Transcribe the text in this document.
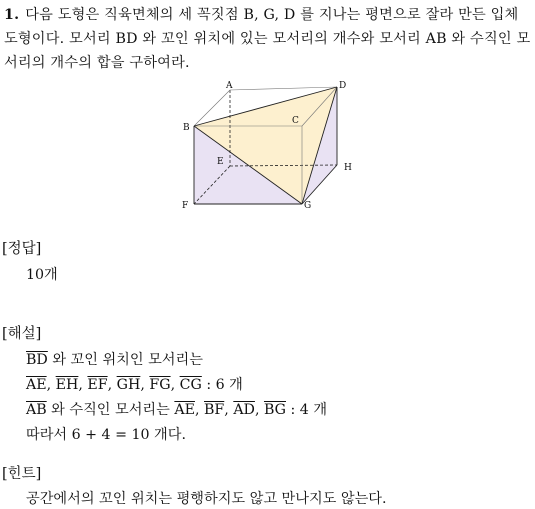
1. 다음 도형은 직육면체의 세 꼭짓점 B, G, D 를 지나는 평면으로 잘라 만든 입체도형이다. 모서리 BD 와 꼬인 위치에 있는 모서리의 개수와 모서리 AB 와 수직인 모서리의 개수의 합을 구하여라.
A	D
B
C
E
H
F	G
[정답]
10개
[해설]
$\overline{BD}$ 와 꼬인 위치인 모서리는
$\overline{AE}$, $\overline{EH}$, $\overline{EF}$, $\overline{GH}$, $\overline{FG}$, $\overline{CG}$ : 6 개
$\overline{AB}$ 와 수직인 모서리는 $\overline{AE}$, $\overline{BF}$, $\overline{AD}$, $\overline{BG}$ : 4 개
따라서 6 + 4 = 10 개다.
[힌트]
공간에서의 꼬인 위치는 평행하지도 않고 만나지도 않는다.
